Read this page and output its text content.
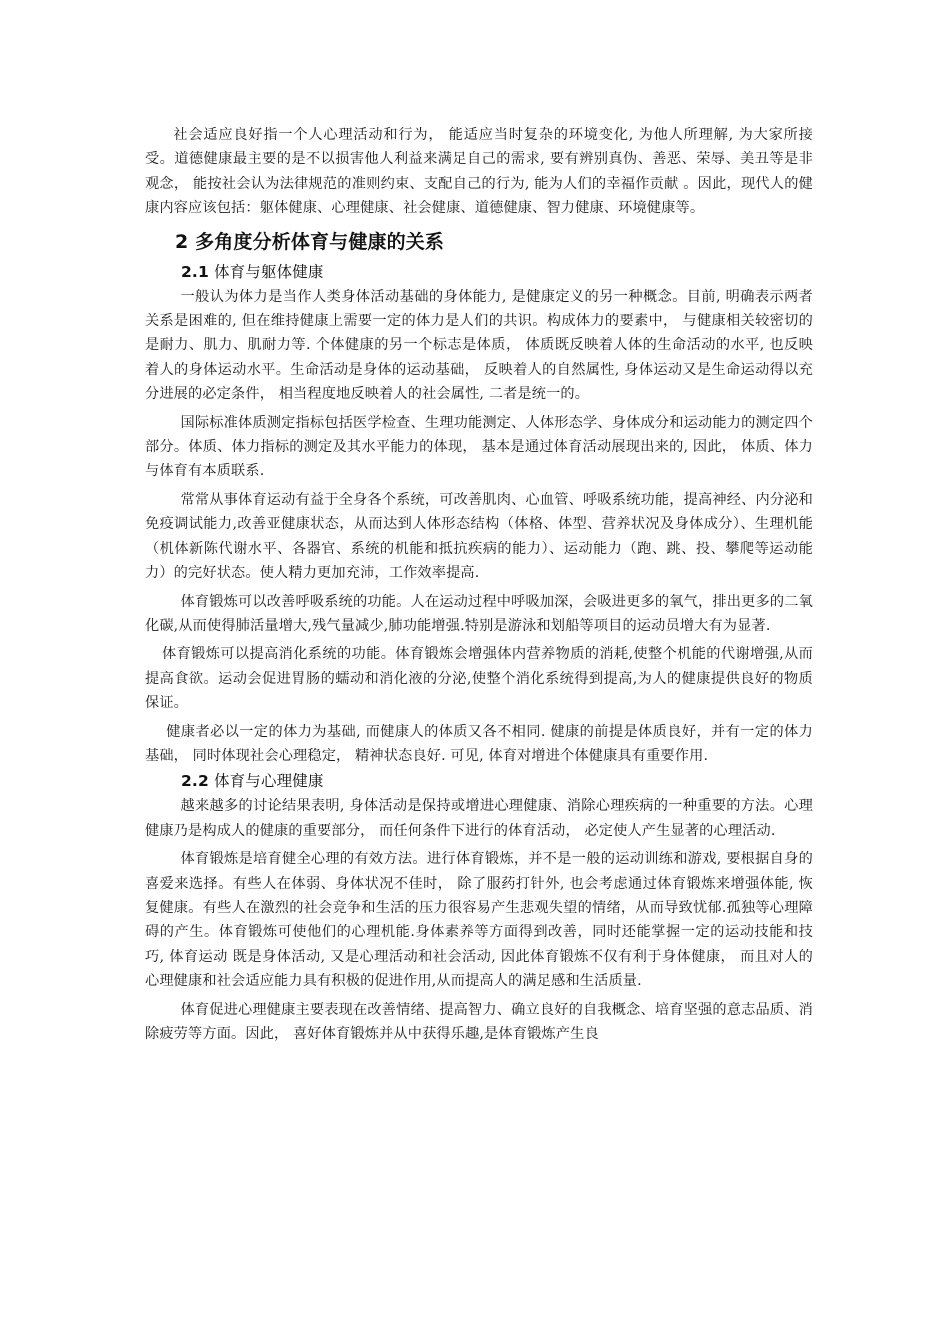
社会适应良好指一个人心理活动和行为， 能适应当时复杂的环境变化, 为他人所理解, 为大家所接受。道德健康最主要的是不以损害他人利益来满足自己的需求, 要有辨别真伪、善恶、荣辱、美丑等是非观念， 能按社会认为法律规范的准则约束、支配自己的行为, 能为人们的幸福作贡献 。因此，现代人的健康内容应该包括：躯体健康、心理健康、社会健康、道德健康、智力健康、环境健康等。

2 多角度分析体育与健康的关系
2.1 体育与躯体健康

一般认为体力是当作人类身体活动基础的身体能力, 是健康定义的另一种概念。目前, 明确表示两者关系是困难的, 但在维持健康上需要一定的体力是人们的共识。构成体力的要素中， 与健康相关较密切的是耐力、肌力、肌耐力等. 个体健康的另一个标志是体质， 体质既反映着人体的生命活动的水平, 也反映着人的身体运动水平。生命活动是身体的运动基础， 反映着人的自然属性, 身体运动又是生命运动得以充分进展的必定条件， 相当程度地反映着人的社会属性, 二者是统一的。

国际标准体质测定指标包括医学检查、生理功能测定、人体形态学、身体成分和运动能力的测定四个部分。体质、体力指标的测定及其水平能力的体现， 基本是通过体育活动展现出来的, 因此， 体质、体力与体育有本质联系.

常常从事体育运动有益于全身各个系统，可改善肌肉、心血管、呼吸系统功能，提高神经、内分泌和免疫调试能力,改善亚健康状态，从而达到人体形态结构（体格、体型、营养状况及身体成分）、生理机能（机体新陈代谢水平、各器官、系统的机能和抵抗疾病的能力）、运动能力（跑、跳、投、攀爬等运动能力）的完好状态。使人精力更加充沛，工作效率提高.

体育锻炼可以改善呼吸系统的功能。人在运动过程中呼吸加深，会吸进更多的氧气，排出更多的二氧化碳,从而使得肺活量增大,残气量减少,肺功能增强.特别是游泳和划船等项目的运动员增大有为显著.

体育锻炼可以提高消化系统的功能。体育锻炼会增强体内营养物质的消耗,使整个机能的代谢增强,从而提高食欲。运动会促进胃肠的蠕动和消化液的分泌,使整个消化系统得到提高,为人的健康提供良好的物质保证。

健康者必以一定的体力为基础, 而健康人的体质又各不相同. 健康的前提是体质良好，并有一定的体力基础， 同时体现社会心理稳定， 精神状态良好. 可见, 体育对增进个体健康具有重要作用.

2.2 体育与心理健康

越来越多的讨论结果表明, 身体活动是保持或增进心理健康、消除心理疾病的一种重要的方法。心理健康乃是构成人的健康的重要部分， 而任何条件下进行的体育活动， 必定使人产生显著的心理活动.

体育锻炼是培育健全心理的有效方法。进行体育锻炼，并不是一般的运动训练和游戏, 要根据自身的喜爱来选择。有些人在体弱、身体状况不佳时， 除了服药打针外, 也会考虑通过体育锻炼来增强体能, 恢复健康。有些人在激烈的社会竞争和生活的压力很容易产生悲观失望的情绪，从而导致忧郁.孤独等心理障碍的产生。体育锻炼可使他们的心理机能.身体素养等方面得到改善，同时还能掌握一定的运动技能和技巧, 体育运动 既是身体活动, 又是心理活动和社会活动, 因此体育锻炼不仅有利于身体健康， 而且对人的心理健康和社会适应能力具有积极的促进作用,从而提高人的满足感和生活质量.

体育促进心理健康主要表现在改善情绪、提高智力、确立良好的自我概念、培育坚强的意志品质、消除疲劳等方面。因此， 喜好体育锻炼并从中获得乐趣,是体育锻炼产生良
